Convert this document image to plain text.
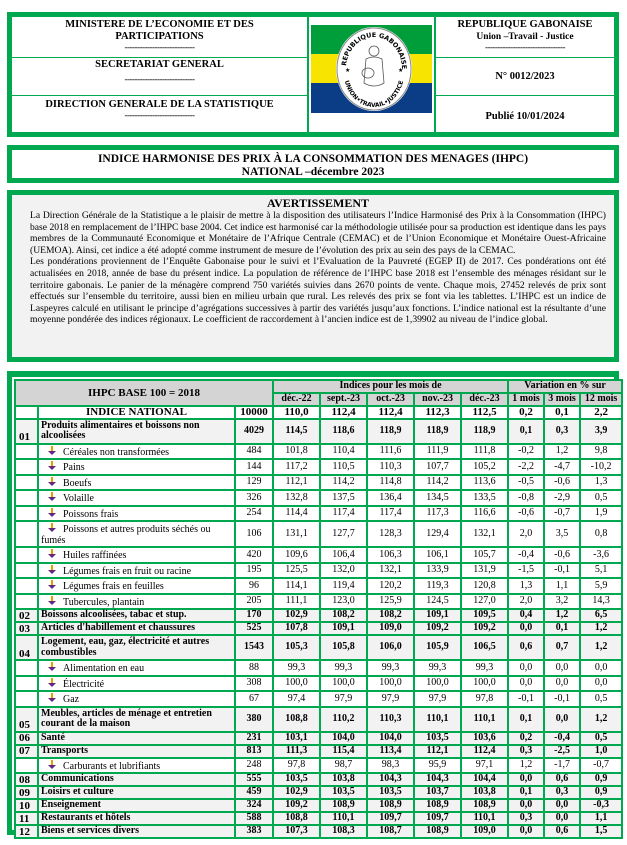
MINISTERE DE L’ECONOMIE ET DES PARTICIPATIONS
----------------------------
SECRETARIAT GENERAL
----------------------------
DIRECTION GENERALE DE LA STATISTIQUE
----------------------------
REPUBLIQUE GABONAISE
UNION•TRAVAIL•JUSTICE
★	★
REPUBLIQUE GABONAISE
Union –Travail - Justice
--------------------------------
N° 0012/2023
Publié 10/01/2024
INDICE HARMONISE DES PRIX À LA CONSOMMATION DES MENAGES (IHPC)
NATIONAL –décembre 2023
AVERTISSEMENT

La Direction Générale de la Statistique a le plaisir de mettre à la disposition des utilisateurs l’Indice Harmonisé des Prix à la Consommation (IHPC) base 2018 en remplacement de l’IHPC base 2004. Cet indice est harmonisé car la méthodologie utilisée pour sa production est identique dans les pays membres de la Communauté Economique et Monétaire de l’Afrique Centrale (CEMAC) et de l’Union Economique et Monétaire Ouest-Africaine (UEMOA). Ainsi, cet indice a été adopté comme instrument de mesure de l’évolution des prix au sein des pays de la CEMAC.

Les pondérations proviennent de l’Enquête Gabonaise pour le suivi et l’Evaluation de la Pauvreté (EGEP II) de 2017. Ces pondérations ont été actualisées en 2018, année de base du présent indice. La population de référence de l’IHPC base 2018 est l’ensemble des ménages résidant sur le territoire gabonais. Le panier de la ménagère comprend 750 variétés suivies dans 2670 points de vente. Chaque mois, 27452 relevés de prix sont effectués sur l’ensemble du territoire, aussi bien en milieu urbain que rural. Les relevés des prix se font via les tablettes. L’IHPC est un indice de Laspeyres calculé en utilisant le principe d’agrégations successives à partir des variétés jusqu’aux fonctions. L’indice national est la résultante d’une moyenne pondérée des indices régionaux. Le coefficient de raccordement à l’ancien indice est de 1,39902 au niveau de l’indice global.

IHPC BASE 100 = 2018			Indices pour les mois de					Variation en % sur		
			déc.-22	sept.-23	oct.-23	nov.-23	déc.-23	1 mois	3 mois	12 mois
	INDICE NATIONAL	10000	110,0	112,4	112,4	112,3	112,5	0,2	0,1	2,2
01	Produits alimentaires et boissons non alcoolisées	4029	114,5	118,6	118,9	118,9	118,9	0,1	0,3	3,9
	Céréales non transformées	484	101,8	110,4	111,6	111,9	111,8	-0,2	1,2	9,8
	Pains	144	117,2	110,5	110,3	107,7	105,2	-2,2	-4,7	-10,2
	Boeufs	129	112,1	114,2	114,8	114,2	113,6	-0,5	-0,6	1,3
	Volaille	326	132,8	137,5	136,4	134,5	133,5	-0,8	-2,9	0,5
	Poissons frais	254	114,4	117,4	117,4	117,3	116,6	-0,6	-0,7	1,9
	Poissons et autres produits séchés ou fumés	106	131,1	127,7	128,3	129,4	132,1	2,0	3,5	0,8
	Huiles raffinées	420	109,6	106,4	106,3	106,1	105,7	-0,4	-0,6	-3,6
	Légumes frais en fruit ou racine	195	125,5	132,0	132,1	133,9	131,9	-1,5	-0,1	5,1
	Légumes frais en feuilles	96	114,1	119,4	120,2	119,3	120,8	1,3	1,1	5,9
	Tubercules, plantain	205	111,1	123,0	125,9	124,5	127,0	2,0	3,2	14,3
02	Boissons alcoolisées, tabac et stup.	170	102,9	108,2	108,2	109,1	109,5	0,4	1,2	6,5
03	Articles d'habillement et chaussures	525	107,8	109,1	109,0	109,2	109,2	0,0	0,1	1,2
04	Logement, eau, gaz, électricité et autres combustibles	1543	105,3	105,8	106,0	105,9	106,5	0,6	0,7	1,2
	Alimentation en eau	88	99,3	99,3	99,3	99,3	99,3	0,0	0,0	0,0
	Électricité	308	100,0	100,0	100,0	100,0	100,0	0,0	0,0	0,0
	Gaz	67	97,4	97,9	97,9	97,9	97,8	-0,1	-0,1	0,5
05	Meubles, articles de ménage et entretien courant de la maison	380	108,8	110,2	110,3	110,1	110,1	0,1	0,0	1,2
06	Santé	231	103,1	104,0	104,0	103,5	103,6	0,2	-0,4	0,5
07	Transports	813	111,3	115,4	113,4	112,1	112,4	0,3	-2,5	1,0
	Carburants et lubrifiants	248	97,8	98,7	98,3	95,9	97,1	1,2	-1,7	-0,7
08	Communications	555	103,5	103,8	104,3	104,3	104,4	0,0	0,6	0,9
09	Loisirs et culture	459	102,9	103,5	103,5	103,7	103,8	0,1	0,3	0,9
10	Enseignement	324	109,2	108,9	108,9	108,9	108,9	0,0	0,0	-0,3
11	Restaurants et hôtels	588	108,8	110,1	109,7	109,7	110,1	0,3	0,0	1,1
12	Biens et services divers	383	107,3	108,3	108,7	108,9	109,0	0,0	0,6	1,5
